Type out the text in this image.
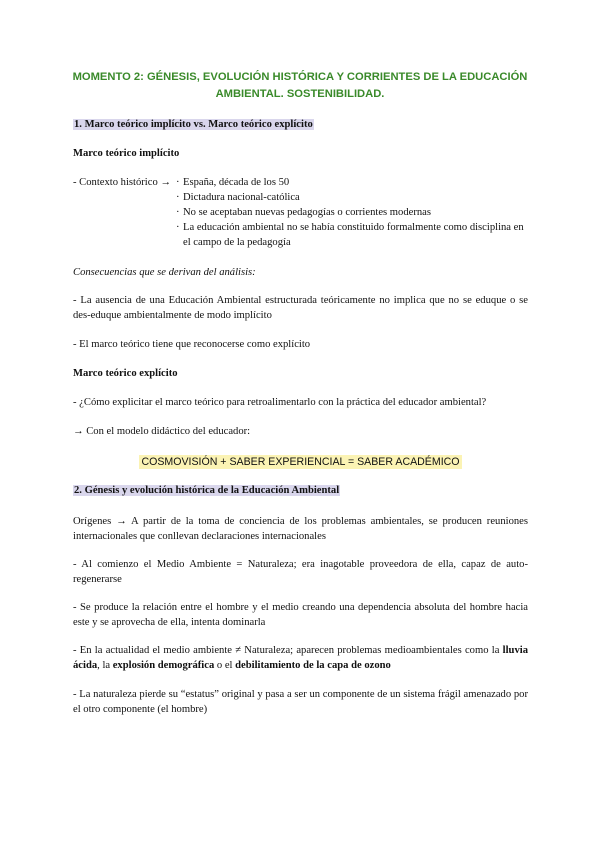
MOMENTO 2: GÉNESIS, EVOLUCIÓN HISTÓRICA Y CORRIENTES DE LA EDUCACIÓN
AMBIENTAL. SOSTENIBILIDAD.

1. Marco teórico implícito vs. Marco teórico explícito

Marco teórico implícito

- Contexto histórico → · España, década de los 50
· Dictadura nacional-católica
· No se aceptaban nuevas pedagogías o corrientes modernas
· La educación ambiental no se había constituido formalmente como disciplina en el campo de la pedagogía

Consecuencias que se derivan del análisis:

- La ausencia de una Educación Ambiental estructurada teóricamente no implica que no se eduque o se des-eduque ambientalmente de modo implícito

- El marco teórico tiene que reconocerse como explícito

Marco teórico explícito

- ¿Cómo explicitar el marco teórico para retroalimentarlo con la práctica del educador ambiental?

→ Con el modelo didáctico del educador:

COSMOVISIÓN + SABER EXPERIENCIAL = SABER ACADÉMICO

2. Génesis y evolución histórica de la Educación Ambiental

Orígenes → A partir de la toma de conciencia de los problemas ambientales, se producen reuniones internacionales que conllevan declaraciones internacionales

- Al comienzo el Medio Ambiente = Naturaleza; era inagotable proveedora de ella, capaz de auto-regenerarse

- Se produce la relación entre el hombre y el medio creando una dependencia absoluta del hombre hacia este y se aprovecha de ella, intenta dominarla

- En la actualidad el medio ambiente ≠ Naturaleza; aparecen problemas medioambientales como la lluvia ácida, la explosión demográfica o el debilitamiento de la capa de ozono

- La naturaleza pierde su “estatus” original y pasa a ser un componente de un sistema frágil amenazado por el otro componente (el hombre)
